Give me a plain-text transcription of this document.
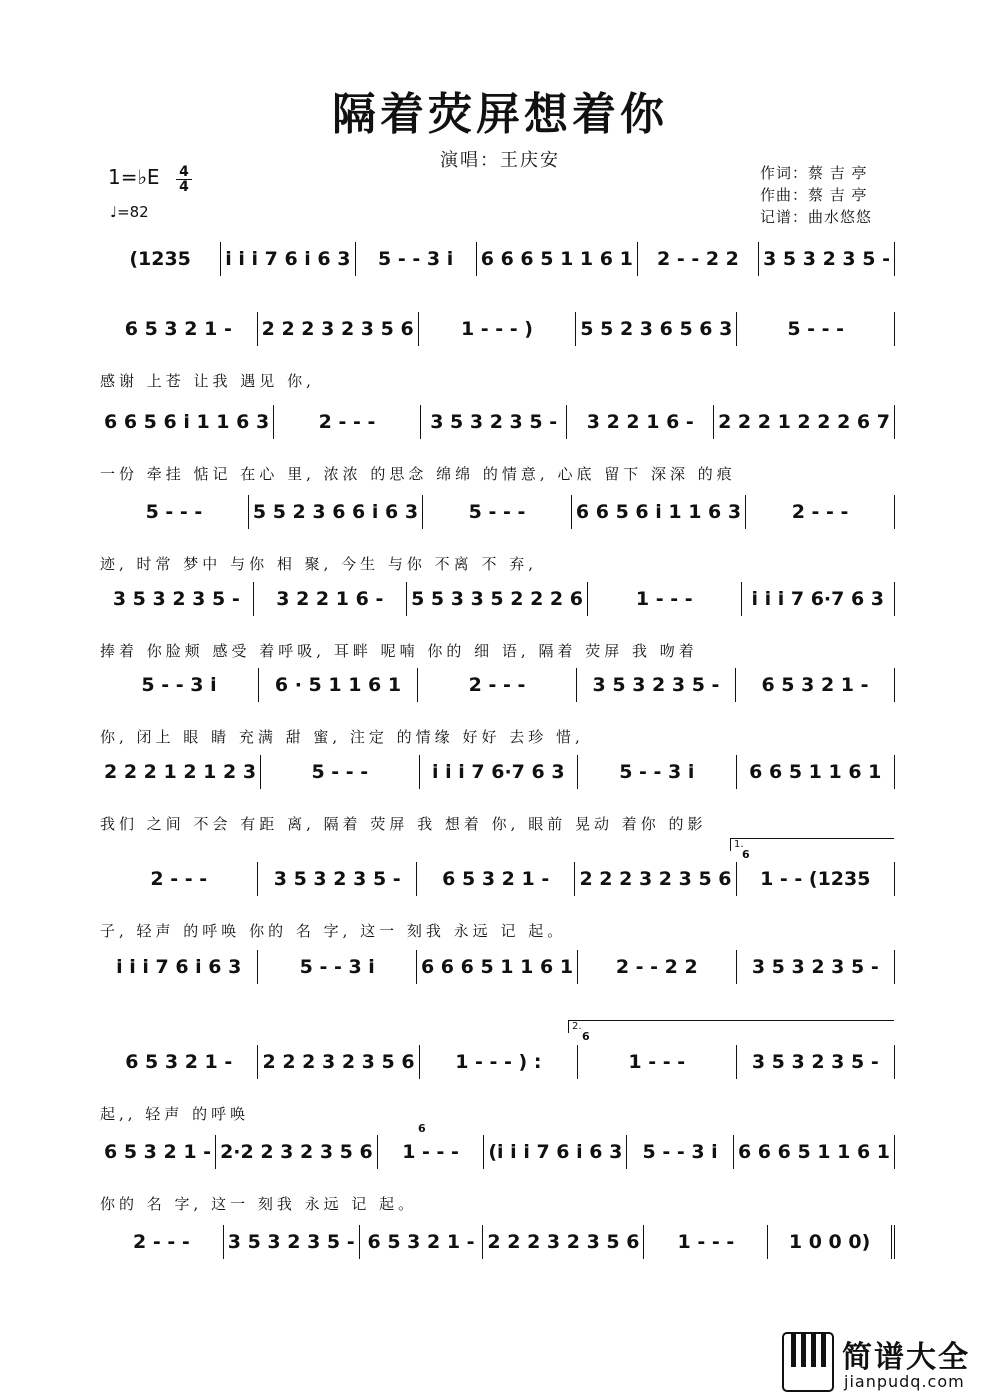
隔着荧屏想着你
演唱：王庆安
1=♭E 4
4
♩=82
作词：蔡 吉 亭
作曲：蔡 吉 亭
记谱：曲水悠悠
(1235	i i i 7 6 i 6 3	5 - - 3 i	6 6 6 5 1 1 6 1	2 - - 2 2	3 5 3 2 3 5 -
6 5 3 2 1 -	2 2 2 3 2 3 5 6	1 - - - )	5 5 2 3 6 5 6 3	5 - - -
感谢 上苍 让我 遇见 你,
6 6 5 6 i 1 1 6 3	2 - - -	3 5 3 2 3 5 -	3 2 2 1 6 -	2 2 2 1 2 2 2 6 7
一份 牵挂 惦记 在心 里, 浓浓 的思念 绵绵 的情意, 心底 留下 深深 的痕
5 - - -	5 5 2 3 6 6 i 6 3	5 - - -	6 6 5 6 i 1 1 6 3	2 - - -
迹, 时常 梦中 与你 相 聚, 今生 与你 不离 不 弃,
3 5 3 2 3 5 -	3 2 2 1 6 -	5 5 3 3 5 2 2 2 6	1 - - -	i i i 7 6·7 6 3
捧着 你脸颊 感受 着呼吸, 耳畔 呢喃 你的 细 语, 隔着 荧屏 我 吻着
5 - - 3 i	6 · 5 1 1 6 1	2 - - -	3 5 3 2 3 5 -	6 5 3 2 1 -
你, 闭上 眼 睛 充满 甜 蜜, 注定 的情缘 好好 去珍 惜,
2 2 2 1 2 1 2 3	5 - - -	i i i 7 6·7 6 3	5 - - 3 i	6 6 5 1 1 6 1
我们 之间 不会 有距 离, 隔着 荧屏 我 想着 你, 眼前 晃动 着你 的影
2 - - -	3 5 3 2 3 5 -	6 5 3 2 1 -	2 2 2 3 2 3 5 6	1 - - (1235
子, 轻声 的呼唤 你的 名 字, 这一 刻我 永远 记 起。
i i i 7 6 i 6 3	5 - - 3 i	6 6 6 5 1 1 6 1	2 - - 2 2	3 5 3 2 3 5 -
6 5 3 2 1 -	2 2 2 3 2 3 5 6	1 - - - ) :	1 - - -	3 5 3 2 3 5 -
起,, 轻声 的呼唤
6 5 3 2 1 - 2·2 2 3 2 3 5 6	1 - - -	(i i i 7 6 i 6 3	5 - - 3 i	6 6 6 5 1 1 6 1
你的 名 字, 这一 刻我 永远 记 起。
2 - - -	3 5 3 2 3 5 - 6 5 3 2 1 - 2 2 2 3 2 3 5 6	1 - - -	1 0 0 0)
1.
2.
6
6
6
简谱大全
jianpudq.com
